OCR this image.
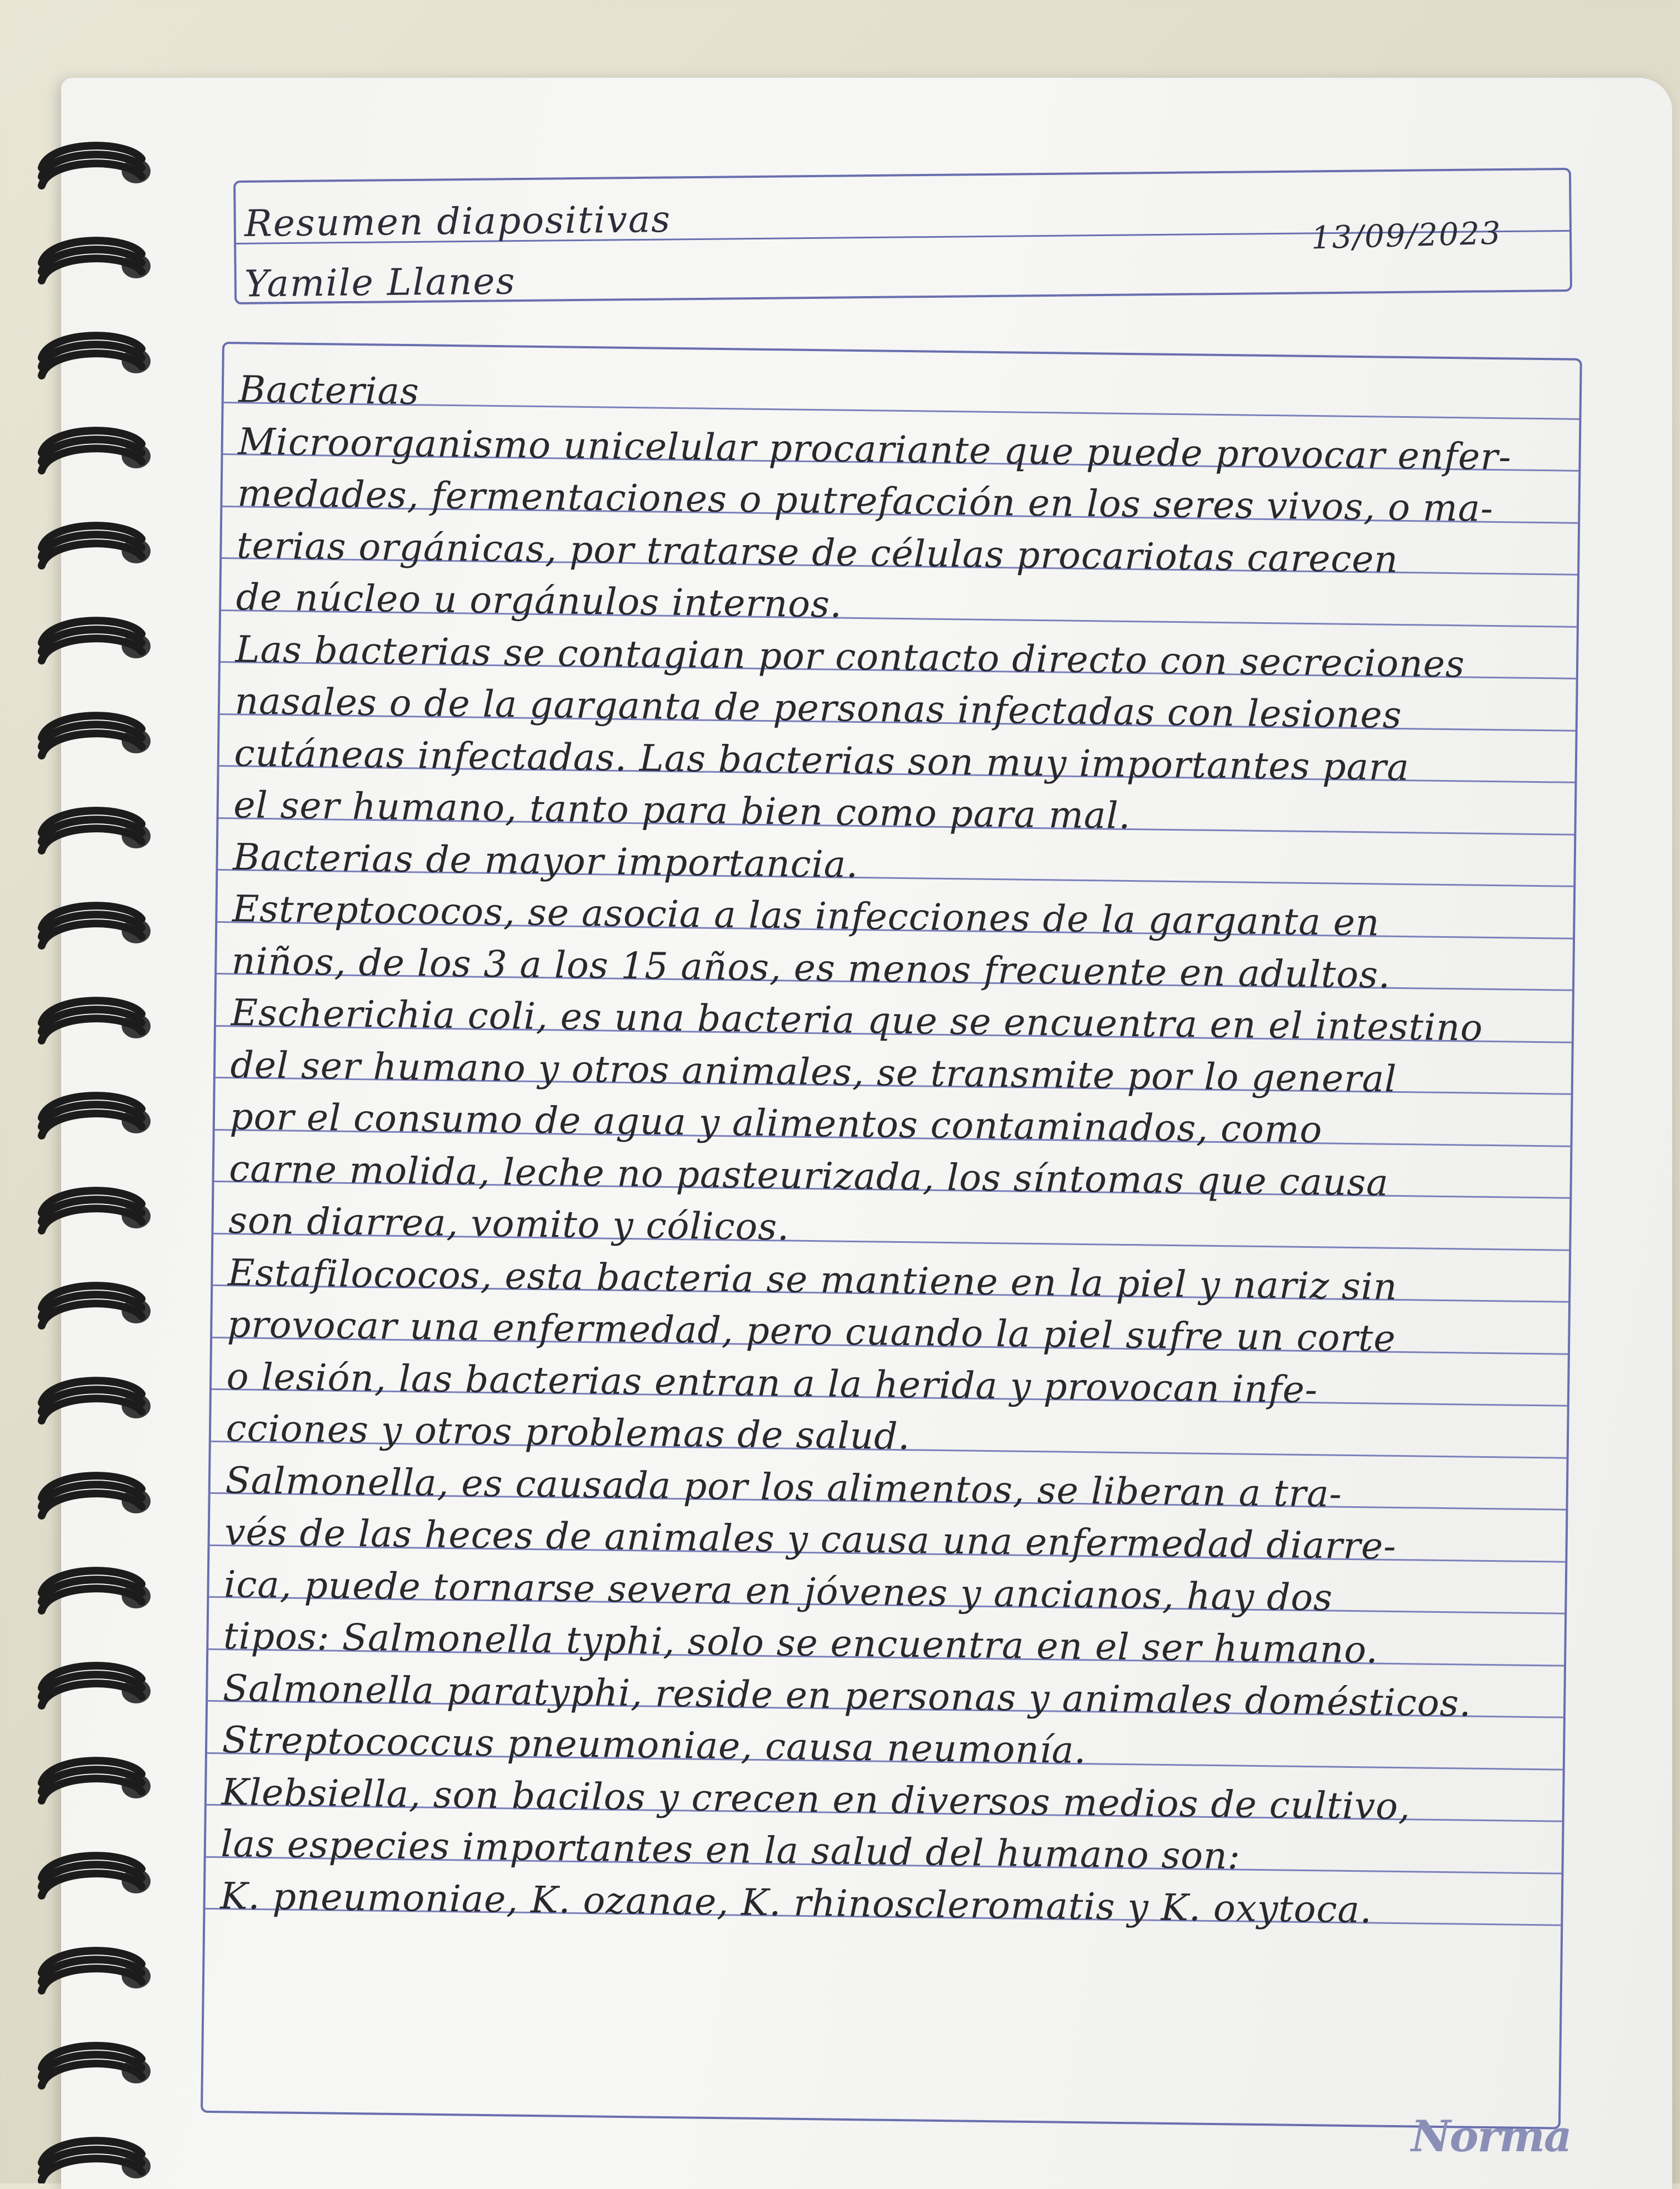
Resumen diapositivas
Yamile Llanes
13/09/2023
Bacterias
Microorganismo unicelular procariante que puede provocar enfer-
medades, fermentaciones o putrefacción en los seres vivos, o ma-
terias orgánicas, por tratarse de células procariotas carecen
de núcleo u orgánulos internos.
Las bacterias se contagian por contacto directo con secreciones
nasales o de la garganta de personas infectadas con lesiones
cutáneas infectadas. Las bacterias son muy importantes para
el ser humano, tanto para bien como para mal.
Bacterias de mayor importancia.
Estreptococos, se asocia a las infecciones de la garganta en
niños, de los 3 a los 15 años, es menos frecuente en adultos.
Escherichia coli, es una bacteria que se encuentra en el intestino
del ser humano y otros animales, se transmite por lo general
por el consumo de agua y alimentos contaminados, como
carne molida, leche no pasteurizada, los síntomas que causa
son diarrea, vomito y cólicos.
Estafilococos, esta bacteria se mantiene en la piel y nariz sin
provocar una enfermedad, pero cuando la piel sufre un corte
o lesión, las bacterias entran a la herida y provocan infe-
cciones y otros problemas de salud.
Salmonella, es causada por los alimentos, se liberan a tra-
vés de las heces de animales y causa una enfermedad diarre-
ica, puede tornarse severa en jóvenes y ancianos, hay dos
tipos: Salmonella typhi, solo se encuentra en el ser humano.
Salmonella paratyphi, reside en personas y animales domésticos.
Streptococcus pneumoniae, causa neumonía.
Klebsiella, son bacilos y crecen en diversos medios de cultivo,
las especies importantes en la salud del humano son:
K. pneumoniae, K. ozanae, K. rhinoscleromatis y K. oxytoca.
Norma
